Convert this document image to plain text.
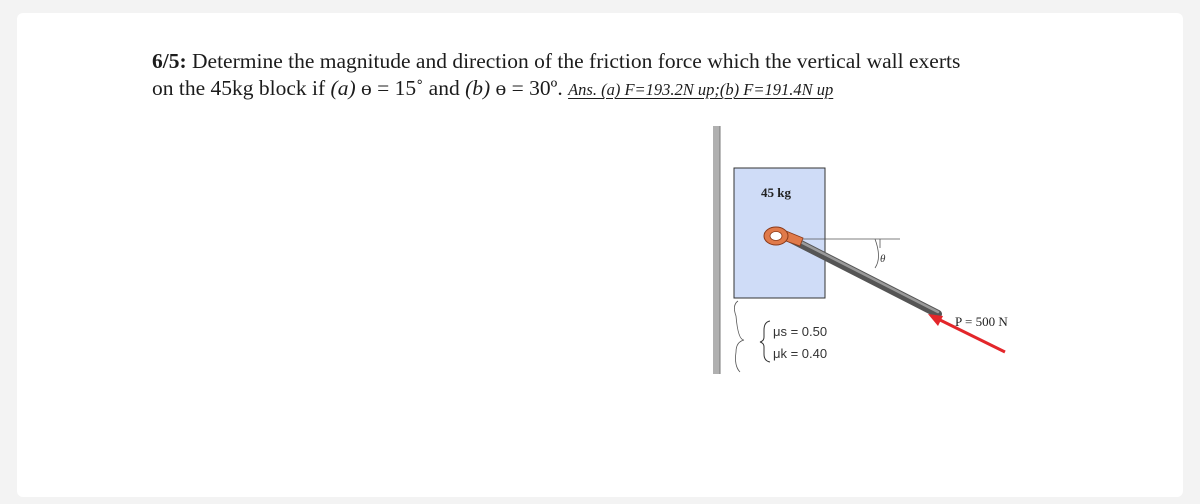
6/5: Determine the magnitude and direction of the friction force which the vertical wall exerts
on the 45kg block if (a) ɵ = 15˚ and (b) ɵ = 30º. Ans. (a) F=193.2N up;(b) F=191.4N up
45 kg
θ
P = 500 N
μs = 0.50
μk = 0.40
